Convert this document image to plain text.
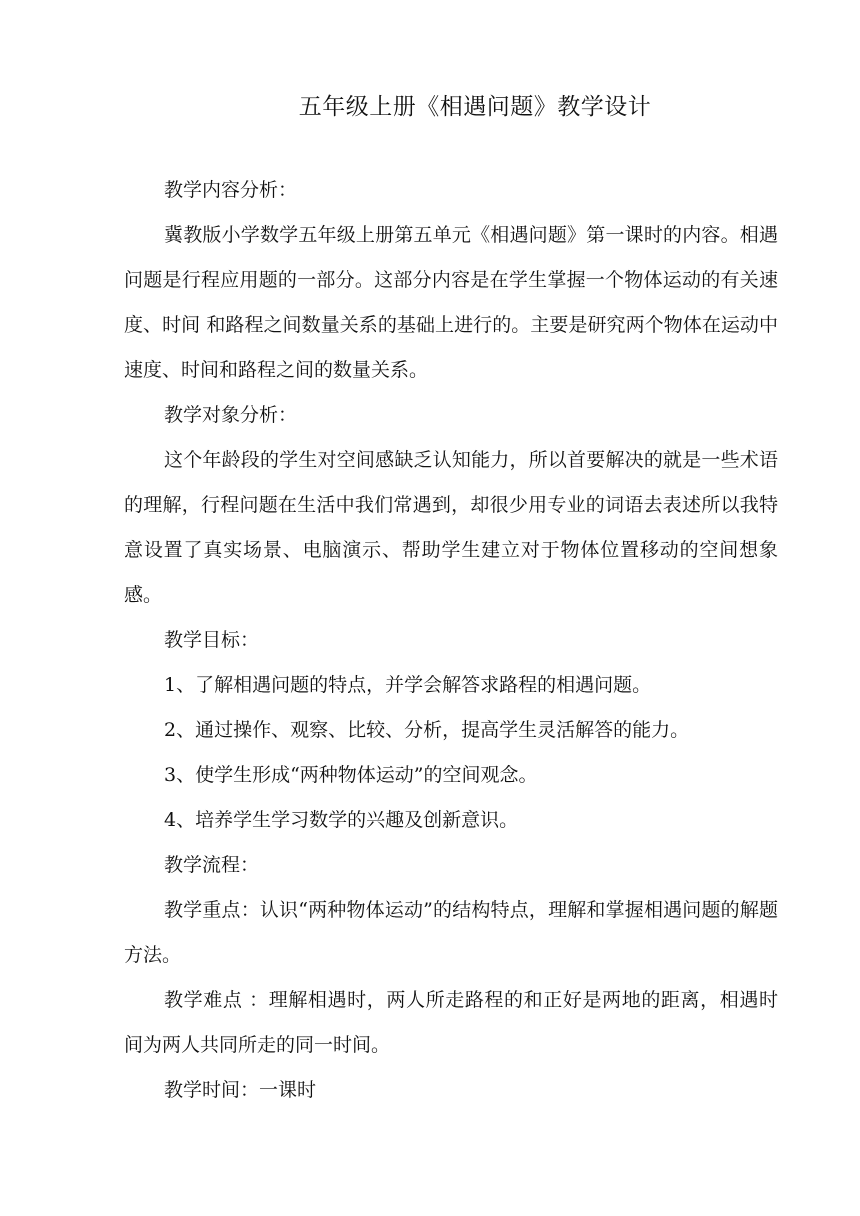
五年级上册《相遇问题》教学设计

教学内容分析：

冀教版小学数学五年级上册第五单元《相遇问题》第一课时的内容。相遇问题是行程应用题的一部分。这部分内容是在学生掌握一个物体运动的有关速度、时间 和路程之间数量关系的基础上进行的。主要是研究两个物体在运动中速度、时间和路程之间的数量关系。

教学对象分析：

这个年龄段的学生对空间感缺乏认知能力，所以首要解决的就是一些术语的理解，行程问题在生活中我们常遇到，却很少用专业的词语去表述所以我特意设置了真实场景、电脑演示、帮助学生建立对于物体位置移动的空间想象感。

教学目标：

1、了解相遇问题的特点，并学会解答求路程的相遇问题。

2、通过操作、观察、比较、分析，提高学生灵活解答的能力。

3、使学生形成“两种物体运动”的空间观念。

4、培养学生学习数学的兴趣及创新意识。

教学流程：

教学重点：认识“两种物体运动”的结构特点，理解和掌握相遇问题的解题方法。

教学难点 ：理解相遇时，两人所走路程的和正好是两地的距离，相遇时间为两人共同所走的同一时间。

教学时间：一课时
